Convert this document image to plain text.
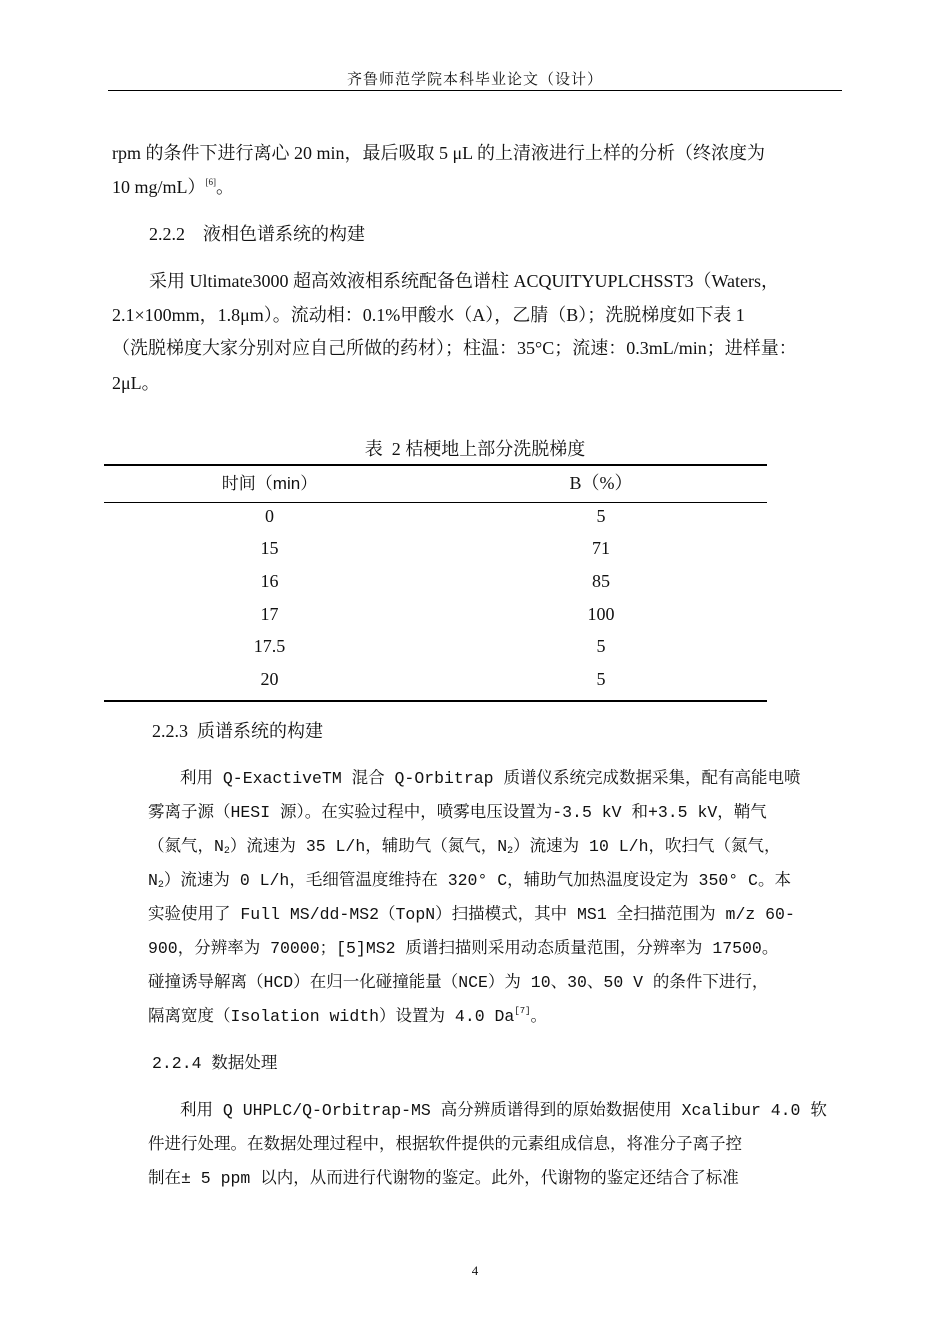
齐鲁师范学院本科毕业论文（设计）
rpm 的条件下进行离心 20 min，最后吸取 5 μL 的上清液进行上样的分析（终浓度为
10 mg/mL）[6]。
2.2.2    液相色谱系统的构建
采用 Ultimate3000 超高效液相系统配备色谱柱 ACQUITYUPLCHSST3（Waters，
2.1×100mm，1.8μm）。流动相：0.1%甲酸水（A），乙腈（B）；洗脱梯度如下表 1
（洗脱梯度大家分别对应自己所做的药材）；柱温：35°C；流速：0.3mL/min；进样量：
2μL。
表  2 桔梗地上部分洗脱梯度
时间（min）	B（%）
0	5
15	71
16	85
17	100
17.5	5
20	5
2.2.3  质谱系统的构建
利用 Q-ExactiveTM 混合 Q-Orbitrap 质谱仪系统完成数据采集，配有高能电喷
雾离子源（HESI 源）。在实验过程中，喷雾电压设置为-3.5 kV 和+3.5 kV，鞘气
（氮气，$N_2$）流速为 35 L/h，辅助气（氮气，$N_2$）流速为 10 L/h，吹扫气（氮气，
$N_2$）流速为 0 L/h，毛细管温度维持在 320° C，辅助气加热温度设定为 350° C。本
实验使用了 Full MS/dd-MS2（TopN）扫描模式，其中 MS1 全扫描范围为 m/z 60-
900，分辨率为 70000；[5]MS2 质谱扫描则采用动态质量范围，分辨率为 17500。
碰撞诱导解离（HCD）在归一化碰撞能量（NCE）为 10、30、50 V 的条件下进行，
隔离宽度（Isolation width）设置为 4.0 Da[7]。
2.2.4 数据处理
利用 Q UHPLC/Q-Orbitrap-MS 高分辨质谱得到的原始数据使用 Xcalibur 4.0 软
件进行处理。在数据处理过程中，根据软件提供的元素组成信息，将准分子离子控
制在± 5 ppm 以内，从而进行代谢物的鉴定。此外，代谢物的鉴定还结合了标准
4
